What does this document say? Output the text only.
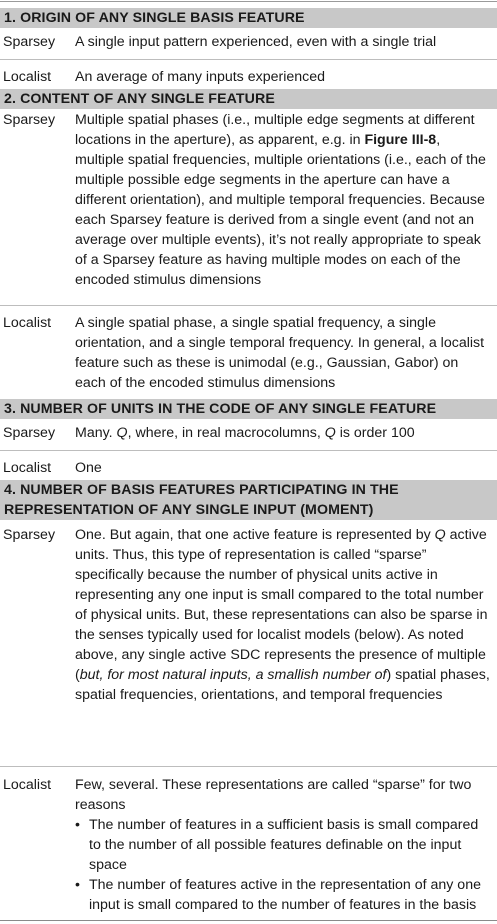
1. ORIGIN OF ANY SINGLE BASIS FEATURE
Sparsey A single input pattern experienced, even with a single trial
Localist An average of many inputs experienced
2. CONTENT OF ANY SINGLE FEATURE
Sparsey Multiple spatial phases (i.e., multiple edge segments at different locations in the aperture), as apparent, e.g. in Figure III-8, multiple spatial frequencies, multiple orientations (i.e., each of the multiple possible edge segments in the aperture can have a different orientation), and multiple temporal frequencies. Because each Sparsey feature is derived from a single event (and not an average over multiple events), it’s not really appropriate to speak of a Sparsey feature as having multiple modes on each of the encoded stimulus dimensions
Localist A single spatial phase, a single spatial frequency, a single orientation, and a single temporal frequency. In general, a localist feature such as these is unimodal (e.g., Gaussian, Gabor) on each of the encoded stimulus dimensions
3. NUMBER OF UNITS IN THE CODE OF ANY SINGLE FEATURE
Sparsey Many. Q, where, in real macrocolumns, Q is order 100
Localist One
4. NUMBER OF BASIS FEATURES PARTICIPATING IN THE REPRESENTATION OF ANY SINGLE INPUT (MOMENT)
Sparsey One. But again, that one active feature is represented by Q active units. Thus, this type of representation is called “sparse” specifically because the number of physical units active in representing any one input is small compared to the total number of physical units. But, these representations can also be sparse in the senses typically used for localist models (below). As noted above, any single active SDC represents the presence of multiple (but, for most natural inputs, a smallish number of) spatial phases, spatial frequencies, orientations, and temporal frequencies
Localist Few, several. These representations are called “sparse” for two reasons
• The number of features in a sufficient basis is small compared to the number of all possible features definable on the input space
• The number of features active in the representation of any one input is small compared to the number of features in the basis
